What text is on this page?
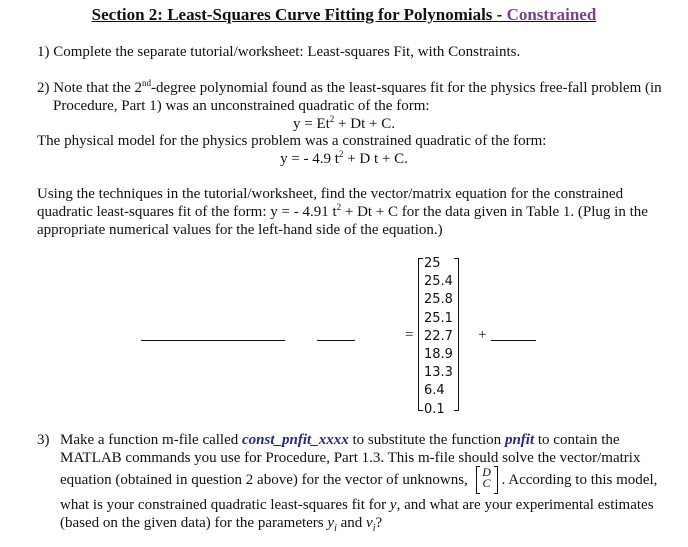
Section 2: Least-Squares Curve Fitting for Polynomials - Constrained
1) Complete the separate tutorial/worksheet: Least-squares Fit, with Constraints.
2) Note that the 2nd-degree polynomial found as the least-squares fit for the physics free-fall problem (in
Procedure, Part 1) was an unconstrained quadratic of the form:
$y = Et^2 + Dt + C$.
The physical model for the physics problem was a constrained quadratic of the form:
y = - 4.9 $t^2 + D$ t + C.
Using the techniques in the tutorial/worksheet, find the vector/matrix equation for the constrained
quadratic least-squares fit of the form: y = - 4.91 $t^2 + Dt + C$ for the data given in Table 1. (Plug in the
appropriate numerical values for the left-hand side of the equation.)
=
25
25.4
25.8
25.1
22.7
18.9
13.3
6.4
0.1
+
3) Make a function m-file called const_pnfit_xxxx to substitute the function pnfit to contain the
MATLAB commands you use for Procedure, Part 1.3. This m-file should solve the vector/matrix
equation (obtained in question 2 above) for the vector of unknowns, D
C . According to this model,
what is your constrained quadratic least-squares fit for y, and what are your experimental estimates
(based on the given data) for the parameters $y_i$ and $v_i$?
